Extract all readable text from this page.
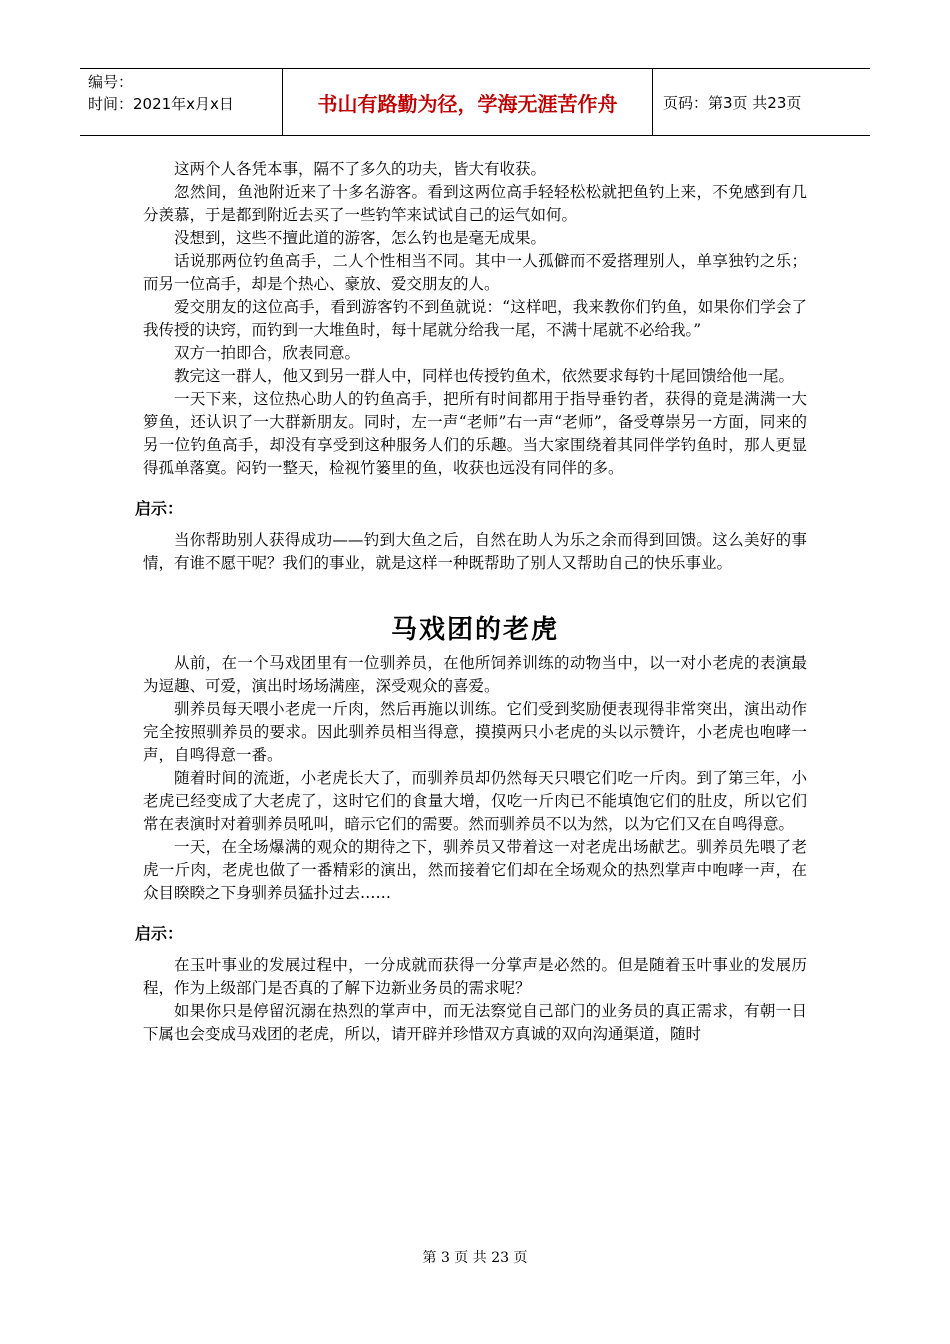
编号：
时间：2021年x月x日	书山有路勤为径，学海无涯苦作舟	页码：第3页 共23页

这两个人各凭本事，隔不了多久的功夫，皆大有收获。

忽然间，鱼池附近来了十多名游客。看到这两位高手轻轻松松就把鱼钓上来，不免感到有几分羡慕，于是都到附近去买了一些钓竿来试试自己的运气如何。

没想到，这些不擅此道的游客，怎么钓也是毫无成果。

话说那两位钓鱼高手，二人个性相当不同。其中一人孤僻而不爱搭理别人，单享独钓之乐；而另一位高手，却是个热心、豪放、爱交朋友的人。

爱交朋友的这位高手，看到游客钓不到鱼就说：“这样吧，我来教你们钓鱼，如果你们学会了我传授的诀窍，而钓到一大堆鱼时，每十尾就分给我一尾，不满十尾就不必给我。”

双方一拍即合，欣表同意。

教完这一群人，他又到另一群人中，同样也传授钓鱼术，依然要求每钓十尾回馈给他一尾。

一天下来，这位热心助人的钓鱼高手，把所有时间都用于指导垂钓者，获得的竟是满满一大箩鱼，还认识了一大群新朋友。同时，左一声“老师”右一声“老师”，备受尊崇另一方面，同来的另一位钓鱼高手，却没有享受到这种服务人们的乐趣。当大家围绕着其同伴学钓鱼时，那人更显得孤单落寞。闷钓一整天，检视竹篓里的鱼，收获也远没有同伴的多。

启示：

当你帮助别人获得成功——钓到大鱼之后，自然在助人为乐之余而得到回馈。这么美好的事情，有谁不愿干呢？我们的事业，就是这样一种既帮助了别人又帮助自己的快乐事业。

马戏团的老虎

从前，在一个马戏团里有一位驯养员，在他所饲养训练的动物当中，以一对小老虎的表演最为逗趣、可爱，演出时场场满座，深受观众的喜爱。

驯养员每天喂小老虎一斤肉，然后再施以训练。它们受到奖励便表现得非常突出，演出动作完全按照驯养员的要求。因此驯养员相当得意，摸摸两只小老虎的头以示赞许，小老虎也咆哮一声，自鸣得意一番。

随着时间的流逝，小老虎长大了，而驯养员却仍然每天只喂它们吃一斤肉。到了第三年，小老虎已经变成了大老虎了，这时它们的食量大增，仅吃一斤肉已不能填饱它们的肚皮，所以它们常在表演时对着驯养员吼叫，暗示它们的需要。然而驯养员不以为然，以为它们又在自鸣得意。

一天，在全场爆满的观众的期待之下，驯养员又带着这一对老虎出场献艺。驯养员先喂了老虎一斤肉，老虎也做了一番精彩的演出，然而接着它们却在全场观众的热烈掌声中咆哮一声，在众目睽睽之下身驯养员猛扑过去……

启示：

在玉叶事业的发展过程中，一分成就而获得一分掌声是必然的。但是随着玉叶事业的发展历程，作为上级部门是否真的了解下边新业务员的需求呢？

如果你只是停留沉溺在热烈的掌声中，而无法察觉自己部门的业务员的真正需求，有朝一日下属也会变成马戏团的老虎，所以，请开辟并珍惜双方真诚的双向沟通渠道，随时

第 3 页 共 23 页
